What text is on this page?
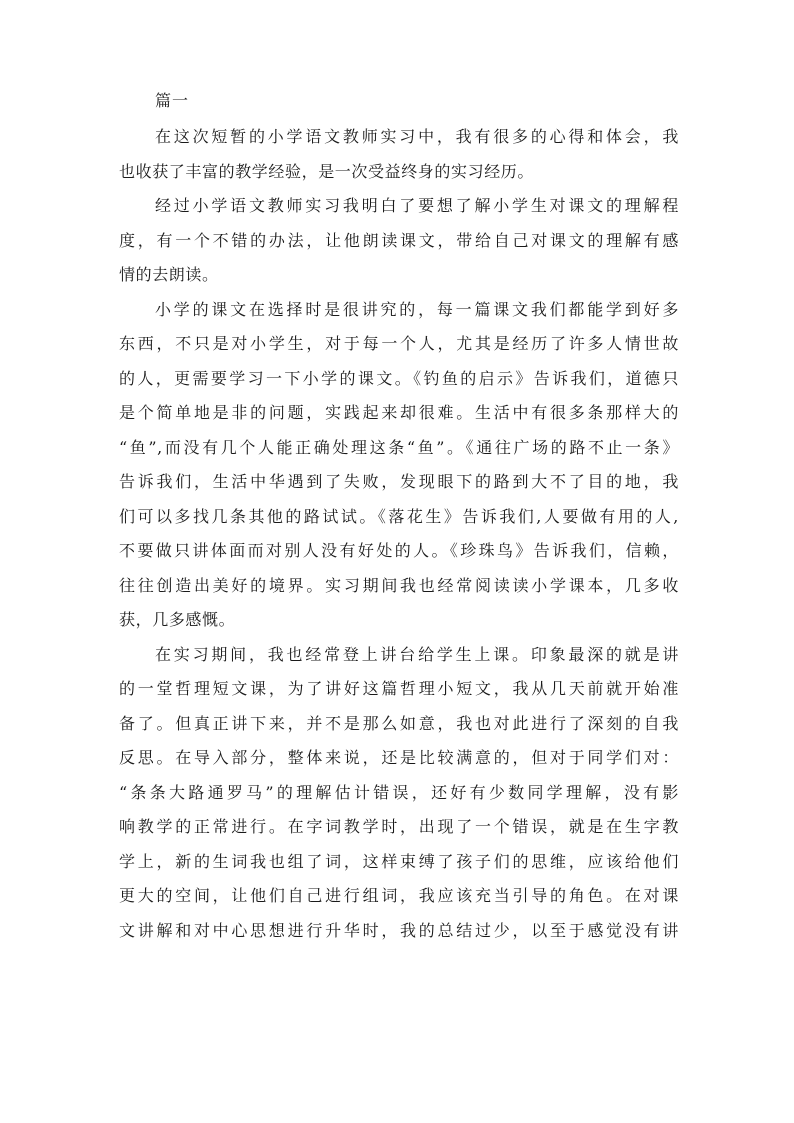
篇一
在这次短暂的小学语文教师实习中，我有很多的心得和体会，我
也收获了丰富的教学经验，是一次受益终身的实习经历。
经过小学语文教师实习我明白了要想了解小学生对课文的理解程
度，有一个不错的办法，让他朗读课文，带给自己对课文的理解有感
情的去朗读。
小学的课文在选择时是很讲究的，每一篇课文我们都能学到好多
东西，不只是对小学生，对于每一个人，尤其是经历了许多人情世故
的人，更需要学习一下小学的课文。《钓鱼的启示》告诉我们，道德只
是个简单地是非的问题，实践起来却很难。生活中有很多条那样大的
“鱼”,而没有几个人能正确处理这条“鱼”。《通往广场的路不止一条》
告诉我们，生活中华遇到了失败，发现眼下的路到大不了目的地，我
们可以多找几条其他的路试试。《落花生》告诉我们,人要做有用的人,
不要做只讲体面而对别人没有好处的人。《珍珠鸟》告诉我们，信赖，
往往创造出美好的境界。实习期间我也经常阅读读小学课本，几多收
获，几多感慨。
在实习期间，我也经常登上讲台给学生上课。印象最深的就是讲
的一堂哲理短文课，为了讲好这篇哲理小短文，我从几天前就开始准
备了。但真正讲下来，并不是那么如意，我也对此进行了深刻的自我
反思。在导入部分，整体来说，还是比较满意的，但对于同学们对：
“条条大路通罗马”的理解估计错误，还好有少数同学理解，没有影
响教学的正常进行。在字词教学时，出现了一个错误，就是在生字教
学上，新的生词我也组了词，这样束缚了孩子们的思维，应该给他们
更大的空间，让他们自己进行组词，我应该充当引导的角色。在对课
文讲解和对中心思想进行升华时，我的总结过少，以至于感觉没有讲
